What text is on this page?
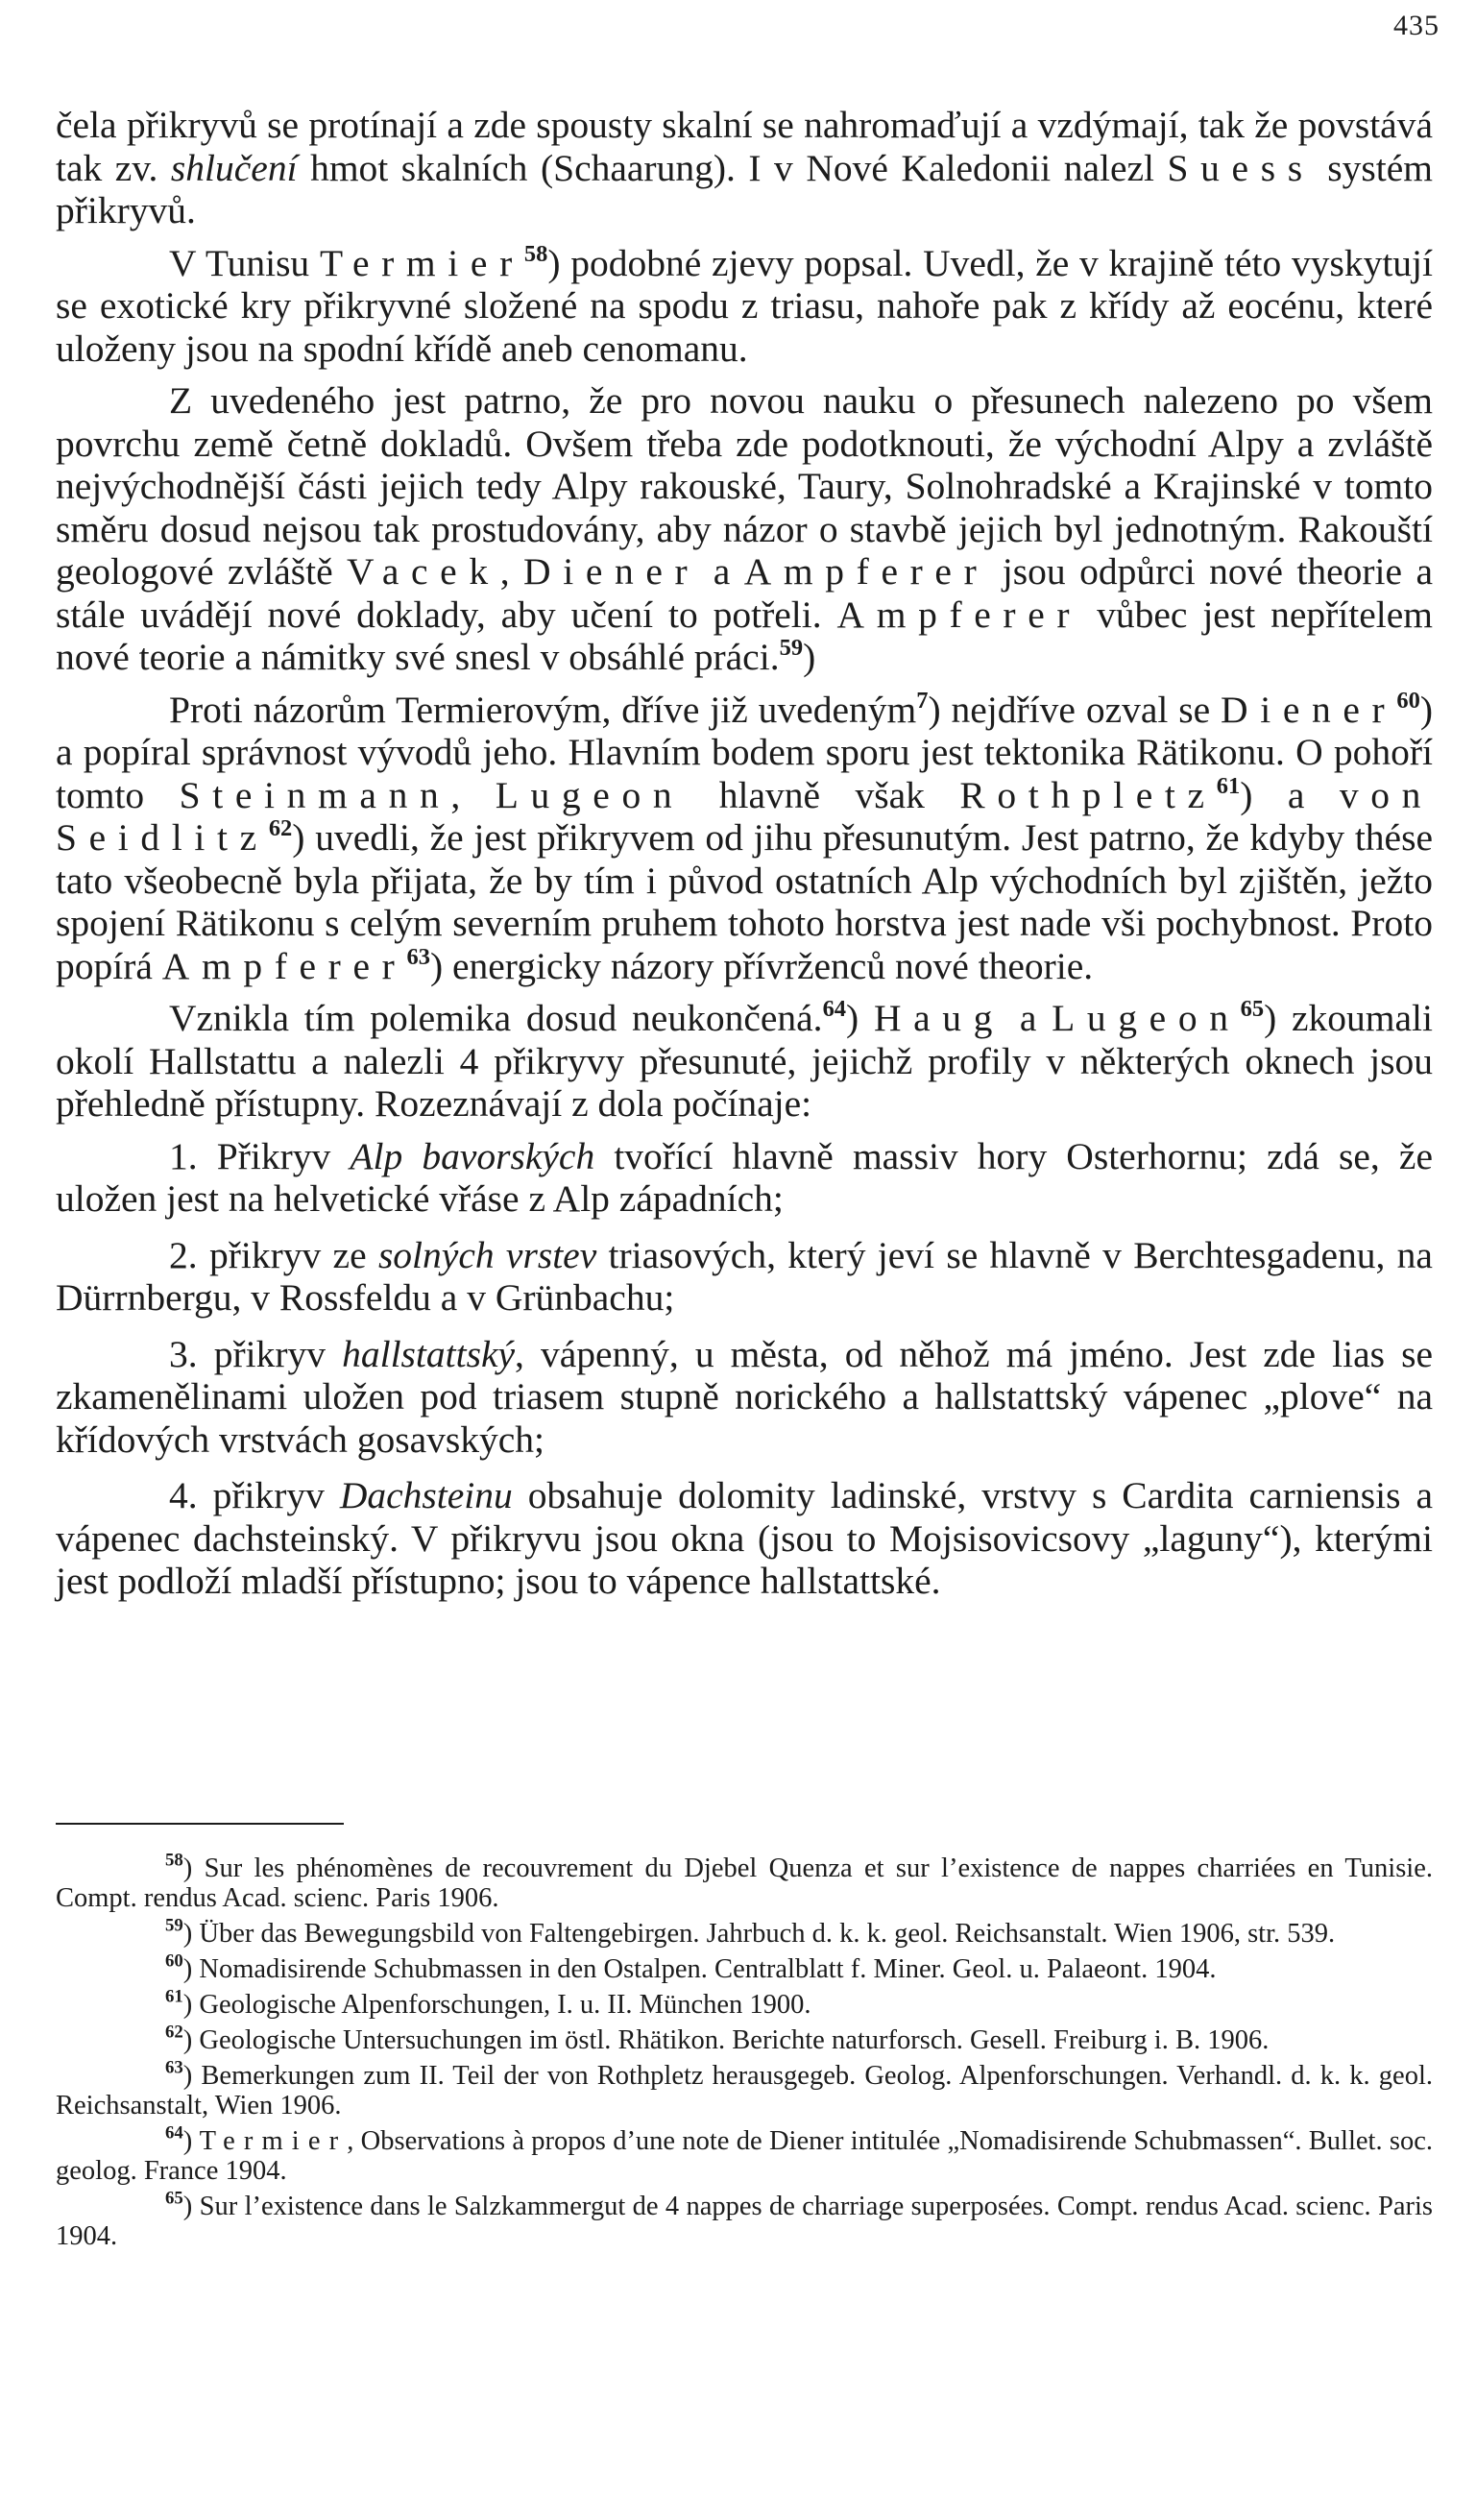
435

čela přikryvů se protínají a zde spousty skalní se nahromaďují a vzdýmají, tak že povstává tak zv. shlučení hmot skalních (Schaarung). I v Nové Kaledonii nalezl Suess systém přikryvů.

V Tunisu Termier$^{58}$) podobné zjevy popsal. Uvedl, že v krajině této vyskytují se exotické kry přikryvné složené na spodu z triasu, nahoře pak z křídy až eocénu, které uloženy jsou na spodní křídě aneb cenomanu.

Z uvedeného jest patrno, že pro novou nauku o přesunech nalezeno po všem povrchu země četně dokladů. Ovšem třeba zde podotknouti, že východní Alpy a zvláště nejvýchodnější části jejich tedy Alpy rakouské, Taury, Solnohradské a Krajinské v tomto směru dosud nejsou tak prostudovány, aby názor o stavbě jejich byl jednotným. Rakouští geologové zvláště Vacek, Diener a Ampferer jsou odpůrci nové theorie a stále uvádějí nové doklady, aby učení to potřeli. Ampferer vůbec jest nepřítelem nové teorie a námitky své snesl v obsáhlé práci.$^{59}$)

Proti názorům Termierovým, dříve již uvedeným$^7$) nejdříve ozval se Diener$^{60}$) a popíral správnost vývodů jeho. Hlavním bodem sporu jest tektonika Rätikonu. O pohoří tomto Steinmann, Lugeon hlavně však Rothpletz$^{61}$) a von Seidlitz$^{62}$) uvedli, že jest přikryvem od jihu přesunutým. Jest patrno, že kdyby thése tato všeobecně byla přijata, že by tím i původ ostatních Alp východních byl zjištěn, ježto spojení Rätikonu s celým severním pruhem tohoto horstva jest nade vši pochybnost. Proto popírá Ampferer$^{63}$) energicky názory přívrženců nové theorie.

Vznikla tím polemika dosud neukončená.$^{64}$) Haug a Lugeon$^{65}$) zkoumali okolí Hallstattu a nalezli 4 přikryvy přesunuté, jejichž profily v některých oknech jsou přehledně přístupny. Rozeznávají z dola počínaje:

1. Přikryv Alp bavorských tvořící hlavně massiv hory Osterhornu; zdá se, že uložen jest na helvetické vřáse z Alp západních;

2. přikryv ze solných vrstev triasových, který jeví se hlavně v Berchtesgadenu, na Dürrnbergu, v Rossfeldu a v Grünbachu;

3. přikryv hallstattský, vápenný, u města, od něhož má jméno. Jest zde lias se zkamenělinami uložen pod triasem stupně norického a hallstattský vápenec „plove“ na křídových vrstvách gosavských;

4. přikryv Dachsteinu obsahuje dolomity ladinské, vrstvy s Cardita carniensis a vápenec dachsteinský. V přikryvu jsou okna (jsou to Mojsisovicsovy „laguny“), kterými jest podloží mladší přístupno; jsou to vápence hallstattské.

$^{58}$) Sur les phénomènes de recouvrement du Djebel Quenza et sur l’existence de nappes charriées en Tunisie. Compt. rendus Acad. scienc. Paris 1906.

$^{59}$) Über das Bewegungsbild von Faltengebirgen. Jahrbuch d. k. k. geol. Reichsanstalt. Wien 1906, str. 539.

$^{60}$) Nomadisirende Schubmassen in den Ostalpen. Centralblatt f. Miner. Geol. u. Palaeont. 1904.

$^{61}$) Geologische Alpenforschungen, I. u. II. München 1900.

$^{62}$) Geologische Untersuchungen im östl. Rhätikon. Berichte naturforsch. Gesell. Freiburg i. B. 1906.

$^{63}$) Bemerkungen zum II. Teil der von Rothpletz herausgegeb. Geolog. Alpenforschungen. Verhandl. d. k. k. geol. Reichsanstalt, Wien 1906.

$^{64}$) Termier, Observations à propos d’une note de Diener intitulée „Nomadisirende Schubmassen“. Bullet. soc. geolog. France 1904.

$^{65}$) Sur l’existence dans le Salzkammergut de 4 nappes de charriage superposées. Compt. rendus Acad. scienc. Paris 1904.
